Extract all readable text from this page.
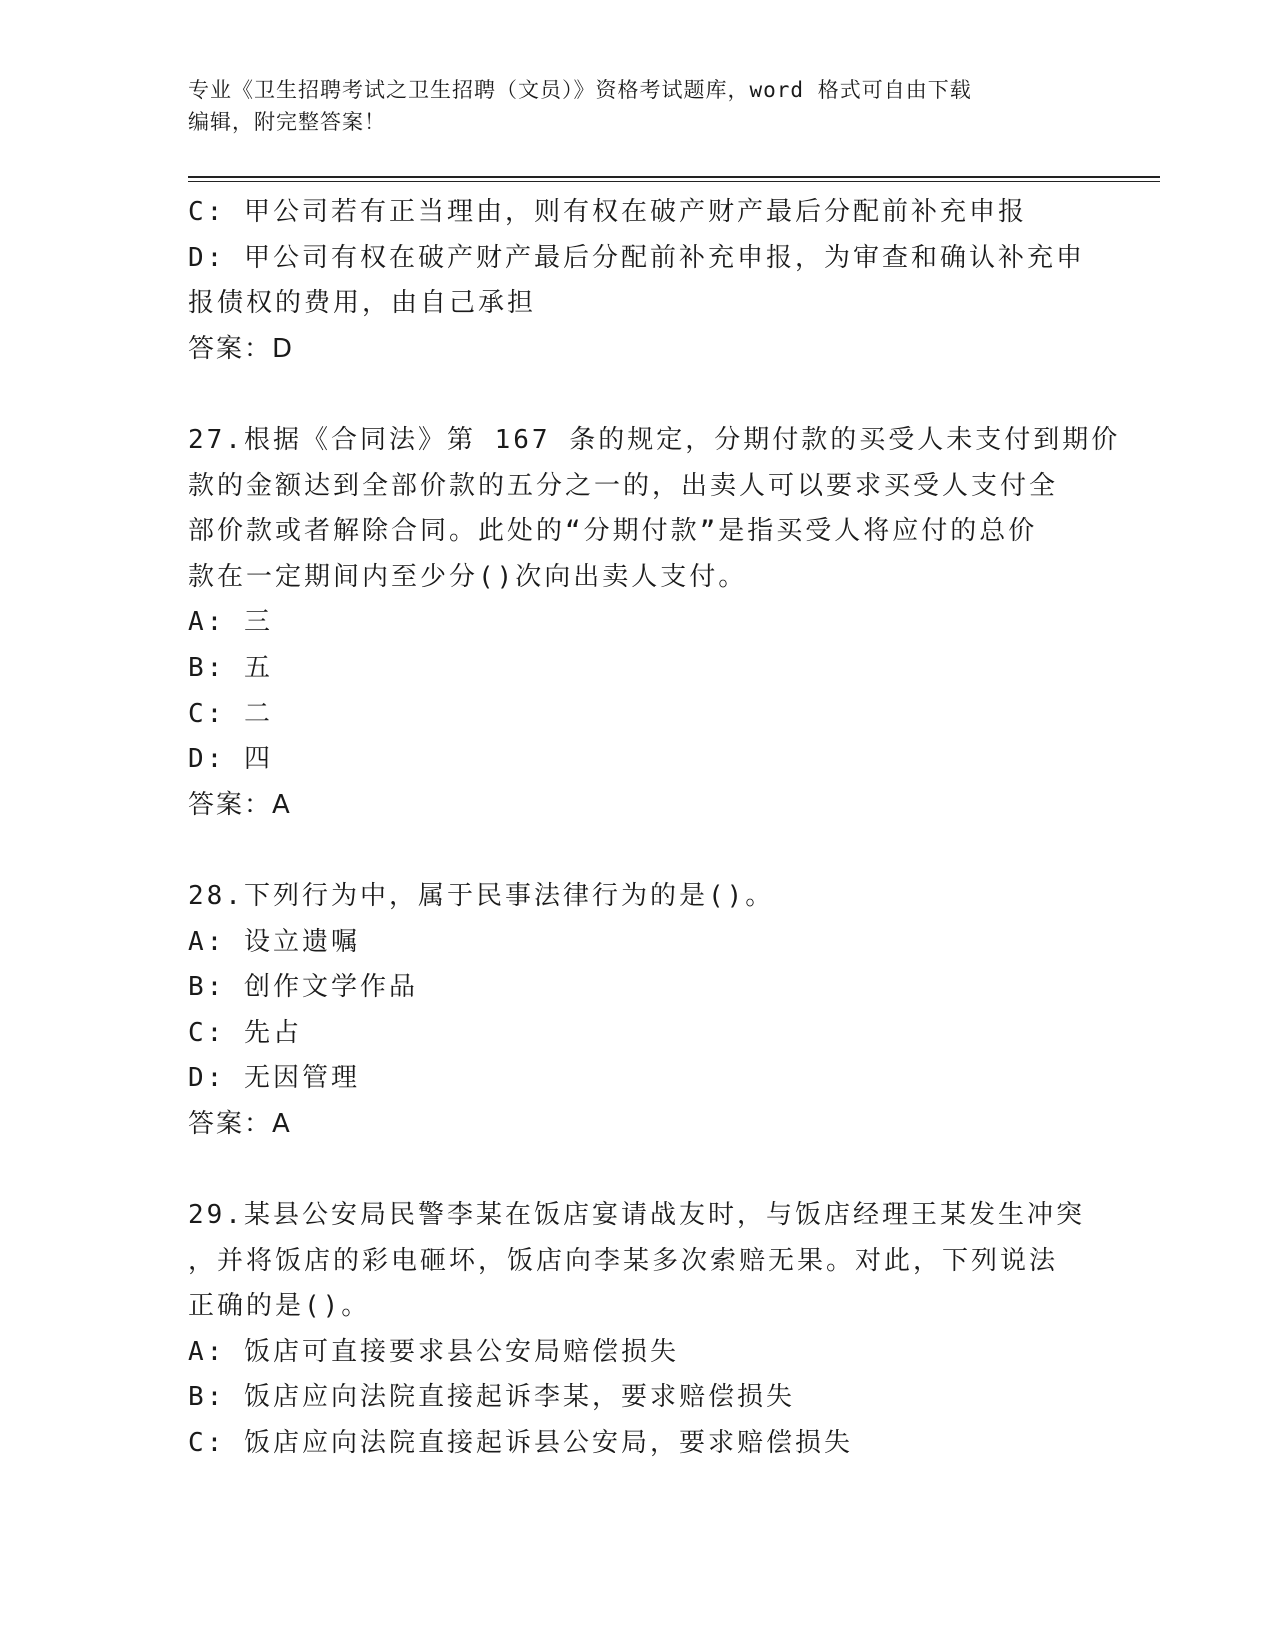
专业《卫生招聘考试之卫生招聘（文员）》资格考试题库，word 格式可自由下载
编辑，附完整答案！
C: 甲公司若有正当理由，则有权在破产财产最后分配前补充申报
D: 甲公司有权在破产财产最后分配前补充申报，为审查和确认补充申
报债权的费用，由自己承担
答案：D
27.根据《合同法》第 167 条的规定，分期付款的买受人未支付到期价
款的金额达到全部价款的五分之一的，出卖人可以要求买受人支付全
部价款或者解除合同。此处的“分期付款”是指买受人将应付的总价
款在一定期间内至少分()次向出卖人支付。
A: 三
B: 五
C: 二
D: 四
答案：A
28.下列行为中，属于民事法律行为的是()。
A: 设立遗嘱
B: 创作文学作品
C: 先占
D: 无因管理
答案：A
29.某县公安局民警李某在饭店宴请战友时，与饭店经理王某发生冲突
，并将饭店的彩电砸坏，饭店向李某多次索赔无果。对此，下列说法
正确的是()。
A: 饭店可直接要求县公安局赔偿损失
B: 饭店应向法院直接起诉李某，要求赔偿损失
C: 饭店应向法院直接起诉县公安局，要求赔偿损失
